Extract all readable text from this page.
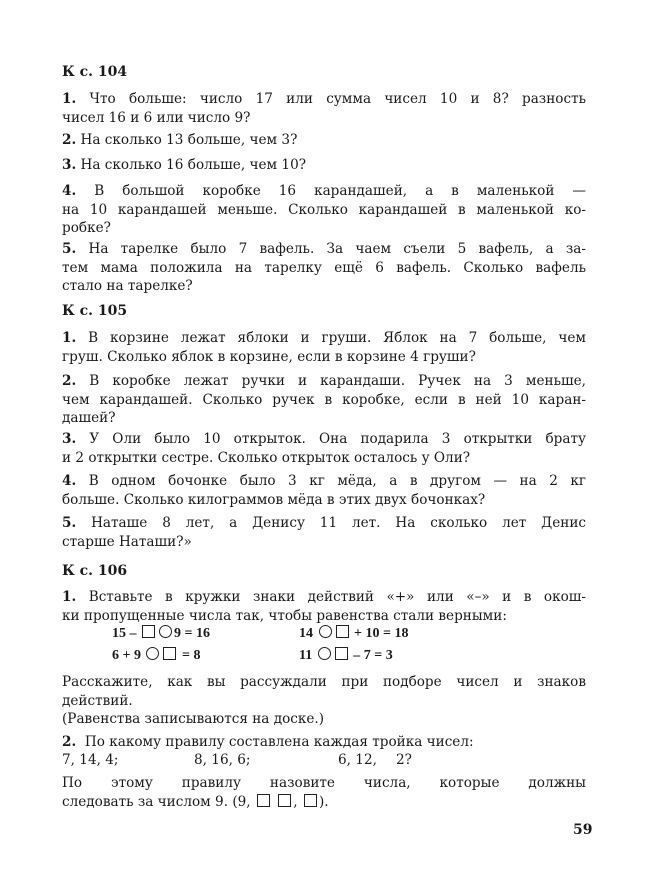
К с. 104
1. Что больше: число 17 или сумма чисел 10 и 8? разность
чисел 16 и 6 или число 9?
2. На сколько 13 больше, чем 3?
3. На сколько 16 больше, чем 10?
4. В большой коробке 16 карандашей, а в маленькой —
на 10 карандашей меньше. Сколько карандашей в маленькой ко-
робке?
5. На тарелке было 7 вафель. За чаем съели 5 вафель, а за-
тем мама положила на тарелку ещё 6 вафель. Сколько вафель
стало на тарелке?
К с. 105
1. В корзине лежат яблоки и груши. Яблок на 7 больше, чем
груш. Сколько яблок в корзине, если в корзине 4 груши?
2. В коробке лежат ручки и карандаши. Ручек на 3 меньше,
чем карандашей. Сколько ручек в коробке, если в ней 10 каран-
дашей?
3. У Оли было 10 открыток. Она подарила 3 открытки брату
и 2 открытки сестре. Сколько открыток осталось у Оли?
4. В одном бочонке было 3 кг мёда, а в другом — на 2 кг
больше. Сколько килограммов мёда в этих двух бочонках?
5. Наташе 8 лет, а Денису 11 лет. На сколько лет Денис
старше Наташи?»
К с. 106
1. Вставьте в кружки знаки действий «+» или «–» и в окош-
ки пропущенные числа так, чтобы равенства стали верными:
15 –	9 = 16	14	+ 10 = 18
6 + 9	= 8	11	– 7 = 3
Расскажите, как вы рассуждали при подборе чисел и знаков
действий.
(Равенства записываются на доске.)
2. По какому правилу составлена каждая тройка чисел:
7, 14, 4;	8, 16, 6;	6, 12, 2?
По этому правилу назовите числа, которые должны
следовать за числом 9. (9,	, ).
59
